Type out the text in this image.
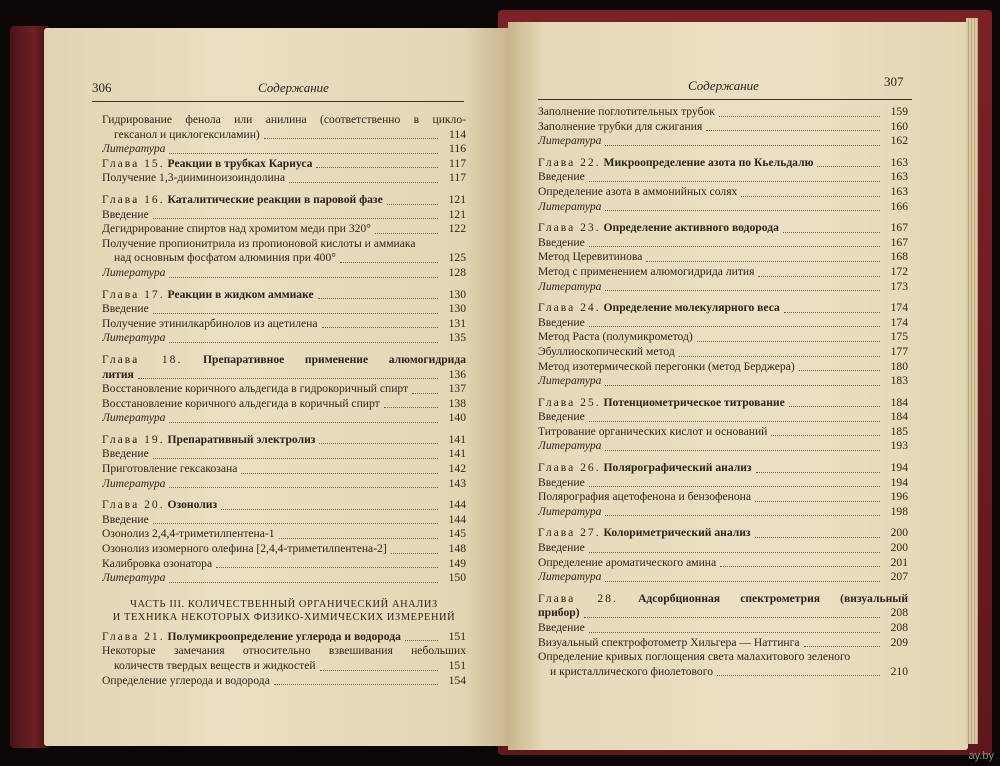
306	Содержание
Гидрирование фенола или анилина (соответственно в цикло-
гексанол и циклогексиламин)	114
Литература	116
Глава 15. Реакции в трубках Кариуса	117
Получение 1,3-дииминоизоиндолина	117
Глава 16. Каталитические реакции в паровой фазе	121
Введение	121
Дегидрирование спиртов над хромитом меди при 320°	122
Получение пропионитрила из пропионовой кислоты и аммиака
над основным фосфатом алюминия при 400°	125
Литература	128
Глава 17. Реакции в жидком аммиаке	130
Введение	130
Получение этинилкарбинолов из ацетилена	131
Литература	135
Глава 18. Препаративное применение алюмогидрида
лития	136
Восстановление коричного альдегида в гидрокоричный спирт	137
Восстановление коричного альдегида в коричный спирт	138
Литература	140
Глава 19. Препаративный электролиз	141
Введение	141
Приготовление гексакозана	142
Литература	143
Глава 20. Озонолиз	144
Введение	144
Озонолиз 2,4,4-триметилпентена-1	145
Озонолиз изомерного олефина [2,4,4-триметилпентена-2]	148
Калибровка озонатора	149
Литература	150
ЧАСТЬ III. КОЛИЧЕСТВЕННЫЙ ОРГАНИЧЕСКИЙ АНАЛИЗ
И ТЕХНИКА НЕКОТОРЫХ ФИЗИКО-ХИМИЧЕСКИХ ИЗМЕРЕНИЙ
Глава 21. Полумикроопределение углерода и водорода	151
Некоторые замечания относительно взвешивания небольших
количеств твердых веществ и жидкостей	151
Определение углерода и водорода	154
Содержание	307
Заполнение поглотительных трубок	159
Заполнение трубки для сжигания	160
Литература	162
Глава 22. Микроопределение азота по Кьельдалю	163
Введение	163
Определение азота в аммонийных солях	163
Литература	166
Глава 23. Определение активного водорода	167
Введение	167
Метод Церевитинова	168
Метод с применением алюмогидрида лития	172
Литература	173
Глава 24. Определение молекулярного веса	174
Введение	174
Метод Раста (полумикрометод)	175
Эбуллиоскопический метод	177
Метод изотермической перегонки (метод Берджера)	180
Литература	183
Глава 25. Потенциометрическое титрование	184
Введение	184
Титрование органических кислот и оснований	185
Литература	193
Глава 26. Полярографический анализ	194
Введение	194
Полярография ацетофенона и бензофенона	196
Литература	198
Глава 27. Колориметрический анализ	200
Введение	200
Определение ароматического амина	201
Литература	207
Глава 28. Адсорбционная спектрометрия (визуальный
прибор)	208
Введение	208
Визуальный спектрофотометр Хильгера — Наттинга	209
Определение кривых поглощения света малахитового зеленого
и кристаллического фиолетового	210
ay.by
